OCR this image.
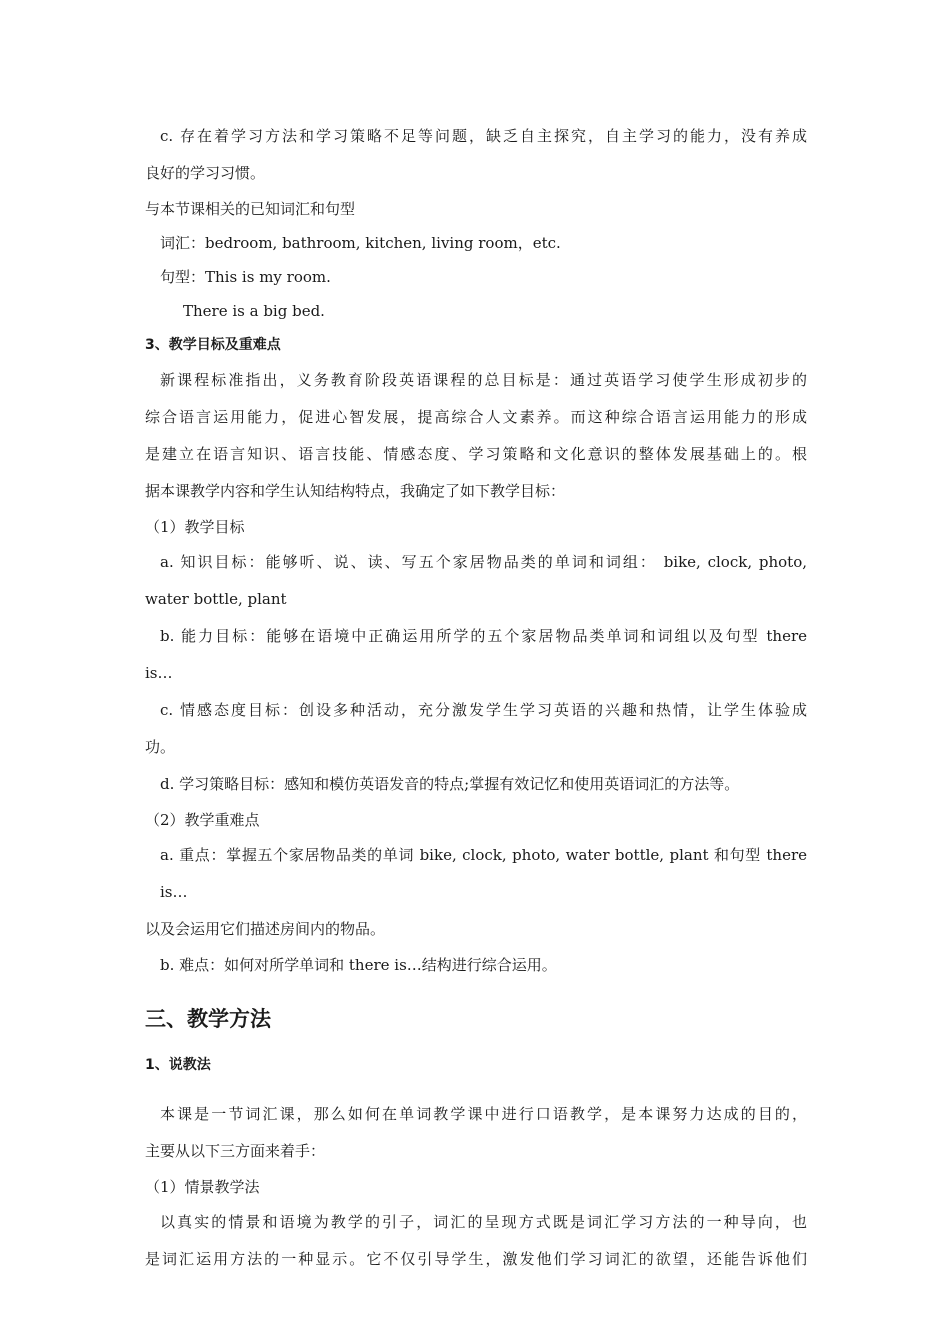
c. 存在着学习方法和学习策略不足等问题，缺乏自主探究，自主学习的能力，没有养成

良好的学习习惯。

与本节课相关的已知词汇和句型

词汇：bedroom, bathroom, kitchen, living room，etc.

句型：This is my room.

There is a big bed.

3、教学目标及重难点

新课程标准指出，义务教育阶段英语课程的总目标是：通过英语学习使学生形成初步的

综合语言运用能力，促进心智发展，提高综合人文素养。而这种综合语言运用能力的形成

是建立在语言知识、语言技能、情感态度、学习策略和文化意识的整体发展基础上的。根

据本课教学内容和学生认知结构特点，我确定了如下教学目标：

（1）教学目标

a. 知识目标：能够听、说、读、写五个家居物品类的单词和词组： bike, clock, photo,

water bottle, plant

b. 能力目标：能够在语境中正确运用所学的五个家居物品类单词和词组以及句型 there

is…

c. 情感态度目标：创设多种活动，充分激发学生学习英语的兴趣和热情，让学生体验成

功。

d. 学习策略目标：感知和模仿英语发音的特点;掌握有效记忆和使用英语词汇的方法等。

（2）教学重难点

a. 重点：掌握五个家居物品类的单词 bike, clock, photo, water bottle, plant 和句型 there is…

以及会运用它们描述房间内的物品。

b. 难点：如何对所学单词和 there is…结构进行综合运用。

三、教学方法

1、说教法

本课是一节词汇课，那么如何在单词教学课中进行口语教学，是本课努力达成的目的，

主要从以下三方面来着手：

（1）情景教学法

以真实的情景和语境为教学的引子，词汇的呈现方式既是词汇学习方法的一种导向，也

是词汇运用方法的一种显示。它不仅引导学生，激发他们学习词汇的欲望，还能告诉他们
